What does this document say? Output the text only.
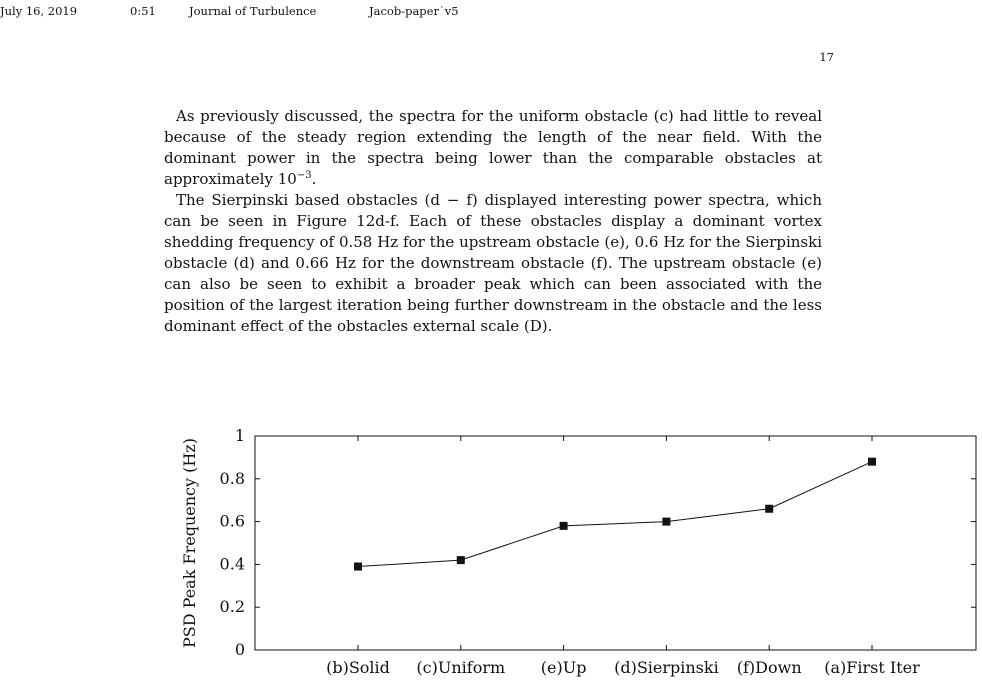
July 16, 2019	0:51	Journal of Turbulence	Jacob-paper˙v5
17

As previously discussed, the spectra for the uniform obstacle (c) had little to reveal because of the steady region extending the length of the near field. With the dominant power in the spectra being lower than the comparable obstacles at approximately $10^{-3}$.

The Sierpinski based obstacles (d − f) displayed interesting power spectra, which can be seen in Figure 12d-f. Each of these obstacles display a dominant vortex shedding frequency of 0.58 Hz for the upstream obstacle (e), 0.6 Hz for the Sierpinski obstacle (d) and 0.66 Hz for the downstream obstacle (f). The upstream obstacle (e) can also be seen to exhibit a broader peak which can been associated with the position of the largest iteration being further downstream in the obstacle and the less dominant effect of the obstacles external scale (D).

0
0.2
0.4
0.6
0.8
1
(b)Solid (c)Uniform (e)Up (d)Sierpinski (f)Down (a)First Iter
PSD Peak Frequency (Hz)
